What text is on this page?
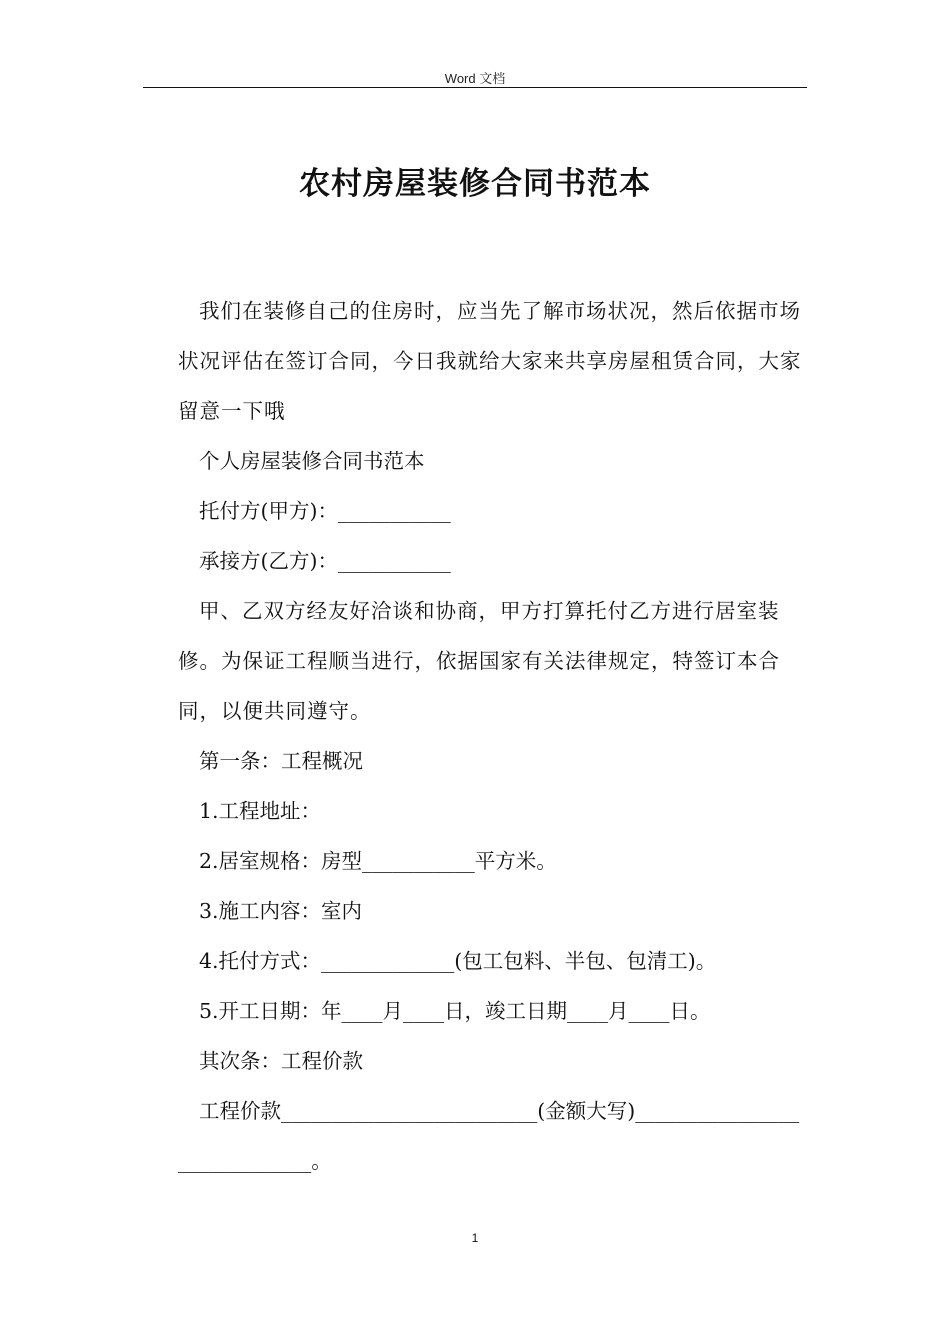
Word 文档
农村房屋装修合同书范本

我们在装修自己的住房时，应当先了解市场状况，然后依据市场状况评估在签订合同，今日我就给大家来共享房屋租赁合同，大家留意一下哦

个人房屋装修合同书范本

托付方(甲方)：___________

承接方(乙方)：___________

甲、乙双方经友好洽谈和协商，甲方打算托付乙方进行居室装修。为保证工程顺当进行，依据国家有关法律规定，特签订本合同，以便共同遵守。

第一条：工程概况

1.工程地址：

2.居室规格：房型___________平方米。

3.施工内容：室内

4.托付方式：_____________(包工包料、半包、包清工)。

5.开工日期：年____月____日，竣工日期____月____日。

其次条：工程价款

工程价款_________________________(金额大写)_____________________________。

1
